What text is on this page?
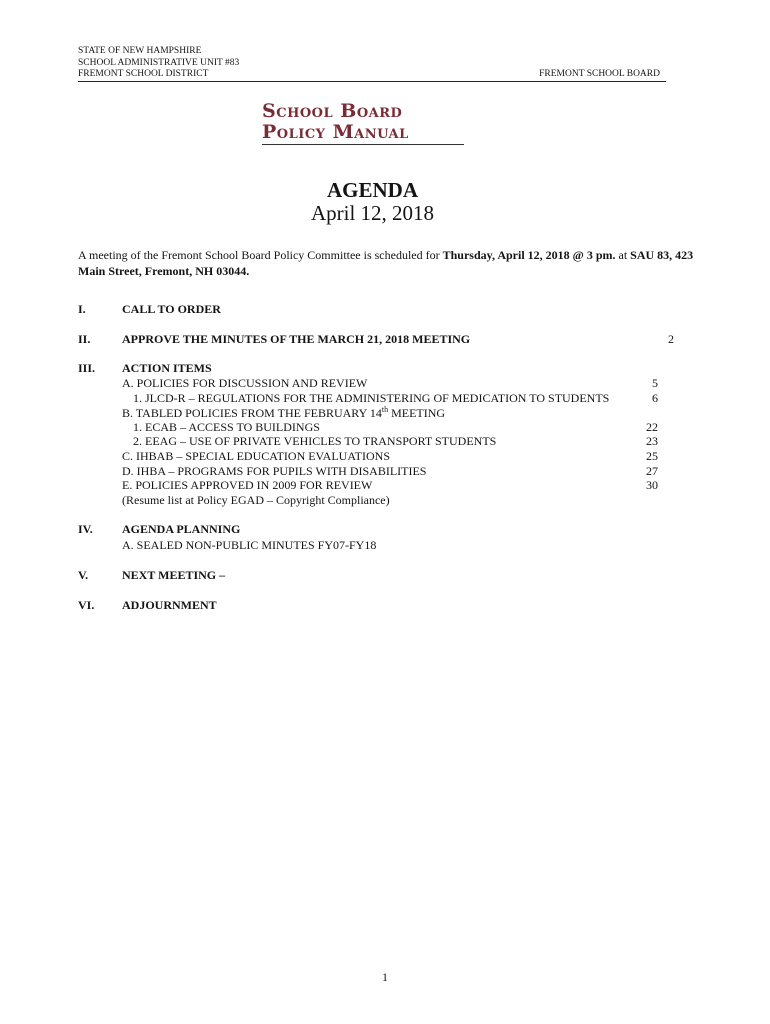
STATE OF NEW HAMPSHIRE
SCHOOL ADMINISTRATIVE UNIT #83
FREMONT SCHOOL DISTRICT	FREMONT SCHOOL BOARD
School Board
Policy Manual
AGENDA
April 12, 2018
A meeting of the Fremont School Board Policy Committee is scheduled for Thursday, April 12, 2018 @ 3 pm. at SAU 83, 423 Main Street, Fremont, NH 03044.
I.	CALL TO ORDER
II.	APPROVE THE MINUTES OF THE MARCH 21, 2018 MEETING	2
III. ACTION ITEMS
A. POLICIES FOR DISCUSSION AND REVIEW	5
1. JLCD-R – REGULATIONS FOR THE ADMINISTERING OF MEDICATION TO STUDENTS	6
B. TABLED POLICIES FROM THE FEBRUARY 14th MEETING
1. ECAB – ACCESS TO BUILDINGS	22
2. EEAG – USE OF PRIVATE VEHICLES TO TRANSPORT STUDENTS	23
C. IHBAB – SPECIAL EDUCATION EVALUATIONS	25
D. IHBA – PROGRAMS FOR PUPILS WITH DISABILITIES	27
E. POLICIES APPROVED IN 2009 FOR REVIEW	30
(Resume list at Policy EGAD – Copyright Compliance)
IV. AGENDA PLANNING
A. SEALED NON-PUBLIC MINUTES FY07-FY18
V.	NEXT MEETING –
VI. ADJOURNMENT
1
